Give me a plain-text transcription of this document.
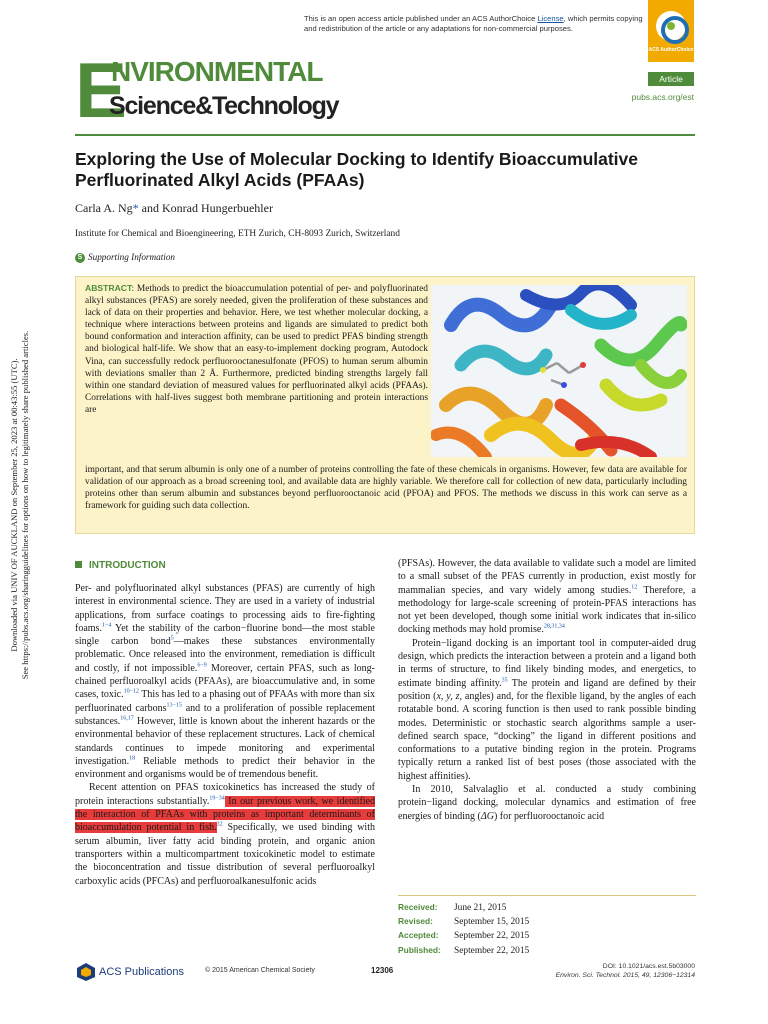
This is an open access article published under an ACS AuthorChoice License, which permits copying and redistribution of the article or any adaptations for non-commercial purposes.
ACS AuthorChoice
E
NVIRONMENTAL
Science&Technology
Article
pubs.acs.org/est
Downloaded via UNIV OF AUCKLAND on September 25, 2023 at 00:43:55 (UTC). See https://pubs.acs.org/sharingguidelines for options on how to legitimately share published articles.
Exploring the Use of Molecular Docking to Identify Bioaccumulative Perfluorinated Alkyl Acids (PFAAs)
Carla A. Ng* and Konrad Hungerbuehler
Institute for Chemical and Bioengineering, ETH Zurich, CH-8093 Zurich, Switzerland
S Supporting Information
ABSTRACT: Methods to predict the bioaccumulation potential of per- and polyfluorinated alkyl substances (PFAS) are sorely needed, given the proliferation of these substances and lack of data on their properties and behavior. Here, we test whether molecular docking, a technique where interactions between proteins and ligands are simulated to predict both bound conformation and interaction affinity, can be used to predict PFAS binding strength and biological half-life. We show that an easy-to-implement docking program, Autodock Vina, can successfully redock perfluorooctanesulfonate (PFOS) to human serum albumin with deviations smaller than 2 Å. Furthermore, predicted binding strengths largely fall within one standard deviation of measured values for perfluorinated alkyl acids (PFAAs). Correlations with half-lives suggest both membrane partitioning and protein interactions are
important, and that serum albumin is only one of a number of proteins controlling the fate of these chemicals in organisms. However, few data are available for validation of our approach as a broad screening tool, and available data are highly variable. We therefore call for collection of new data, particularly including proteins other than serum albumin and substances beyond perfluorooctanoic acid (PFOA) and PFOS. The methods we discuss in this work can serve as a framework for guiding such data collection.
INTRODUCTION

Per- and polyfluorinated alkyl substances (PFAS) are currently of high interest in environmental science. They are used in a variety of industrial applications, from surface coatings to processing aids to fire-fighting foams.$^{1-4}$ Yet the stability of the carbon−fluorine bond—the most stable single carbon bond$^5$—makes these substances environmentally problematic. Once released into the environment, remediation is difficult and costly, if not impossible.$^{6-9}$ Moreover, certain PFAS, such as long-chained perfluoroalkyl acids (PFAAs), are bioaccumulative and, in some cases, toxic.$^{10-12}$ This has led to a phasing out of PFAAs with more than six perfluorinated carbons$^{13-15}$ and to a proliferation of possible replacement substances.$^{16,17}$ However, little is known about the inherent hazards or the environmental behavior of these replacement structures. Lack of chemical standards continues to impede monitoring and experimental investigation.$^{18}$ Reliable methods to predict their behavior in the environment and organisms would be of tremendous benefit.

Recent attention on PFAS toxicokinetics has increased the study of protein interactions substantially.$^{19-34}$ In our previous work, we identified the interaction of PFAAs with proteins as important determinants of bioaccumulation potential in fish.$^{32}$ Specifically, we used binding with serum albumin, liver fatty acid binding protein, and organic anion transporters within a multicompartment toxicokinetic model to estimate the bioconcentration and tissue distribution of several perfluoroalkyl carboxylic acids (PFCAs) and perfluoroalkanesulfonic acids

(PFSAs). However, the data available to validate such a model are limited to a small subset of the PFAS currently in production, exist mostly for mammalian species, and vary widely among studies.$^{12}$ Therefore, a methodology for large-scale screening of protein-PFAS interactions has not yet been developed, though some initial work indicates that in-silico docking methods may hold promise.$^{28,31,34}$

Protein−ligand docking is an important tool in computer-aided drug design, which predicts the interaction between a protein and a ligand both in terms of structure, to find likely binding modes, and energetics, to estimate binding affinity.$^{35}$ The protein and ligand are defined by their position (x, y, z, angles) and, for the flexible ligand, by the angles of each rotatable bond. A scoring function is then used to rank possible binding modes. Deterministic or stochastic search algorithms sample a user-defined search space, “docking” the ligand in different positions and conformations to a putative binding region in the protein. Programs typically return a ranked list of best poses (those associated with the highest affinities).

In 2010, Salvalaglio et al. conducted a study combining protein−ligand docking, molecular dynamics and estimation of free energies of binding (ΔG) for perfluorooctanoic acid

Received: June 21, 2015
Revised: September 15, 2015
Accepted: September 22, 2015
Published: September 22, 2015
ACS Publications	© 2015 American Chemical Society	12306	DOI: 10.1021/acs.est.5b03000
Environ. Sci. Technol. 2015, 49, 12306−12314
